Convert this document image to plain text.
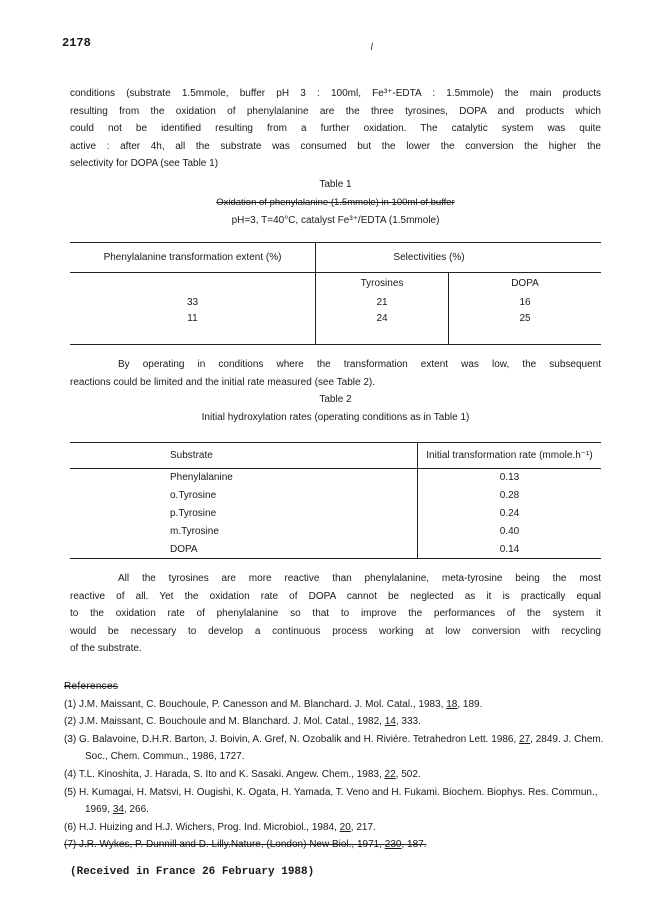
2178	\
conditions (substrate 1.5mmole, buffer pH 3 : 100ml, Fe³⁺-EDTA : 1.5mmole) the main products
resulting from the oxidation of phenylalanine are the three tyrosines, DOPA and products which
could not be identified resulting from a further oxidation. The catalytic system was quite
active : after 4h, all the substrate was consumed but the lower the conversion the higher the
selectivity for DOPA (see Table 1)
Table 1
Oxidation of phenylalanine (1.5mmole) in 100ml of buffer
pH=3, T=40°C, catalyst Fe³⁺/EDTA (1.5mmole)
Phenylalanine transformation extent (%)	Selectivities (%)	
	Tyrosines	DOPA
33	21	16
11	24	25

By operating in conditions where the transformation extent was low, the subsequent
reactions could be limited and the initial rate measured (see Table 2).
Table 2
Initial hydroxylation rates (operating conditions as in Table 1)
Substrate	Initial transformation rate (mmole.h⁻¹)
Phenylalanine	0.13
o.Tyrosine	0.28
p.Tyrosine	0.24
m.Tyrosine	0.40
DOPA	0.14
All the tyrosines are more reactive than phenylalanine, meta-tyrosine being the most
reactive of all. Yet the oxidation rate of DOPA cannot be neglected as it is practically equal
to the oxidation rate of phenylalanine so that to improve the performances of the system it
would be necessary to develop a continuous process working at low conversion with recycling
of the substrate.
References
(1) J.M. Maissant, C. Bouchoule, P. Canesson and M. Blanchard. J. Mol. Catal., 1983, 18, 189.
(2) J.M. Maissant, C. Bouchoule and M. Blanchard. J. Mol. Catal., 1982, 14, 333.
(3) G. Balavoine, D.H.R. Barton, J. Boivin, A. Gref, N. Ozobalik and H. Rivière. Tetrahedron Lett. 1986, 27, 2849. J. Chem. Soc., Chem. Commun., 1986, 1727.
(4) T.L. Kinoshita, J. Harada, S. Ito and K. Sasaki. Angew. Chem., 1983, 22, 502.
(5) H. Kumagai, H. Matsvi, H. Ougishi, K. Ogata, H. Yamada, T. Veno and H. Fukami. Biochem. Biophys. Res. Commun., 1969, 34, 266.
(6) H.J. Huizing and H.J. Wichers, Prog. Ind. Microbiol., 1984, 20, 217.
(7) J.R. Wykes, P. Dunnill and D. Lilly.Nature, (London) New Biol., 1971, 230, 187.
(Received in France 26 February 1988)
